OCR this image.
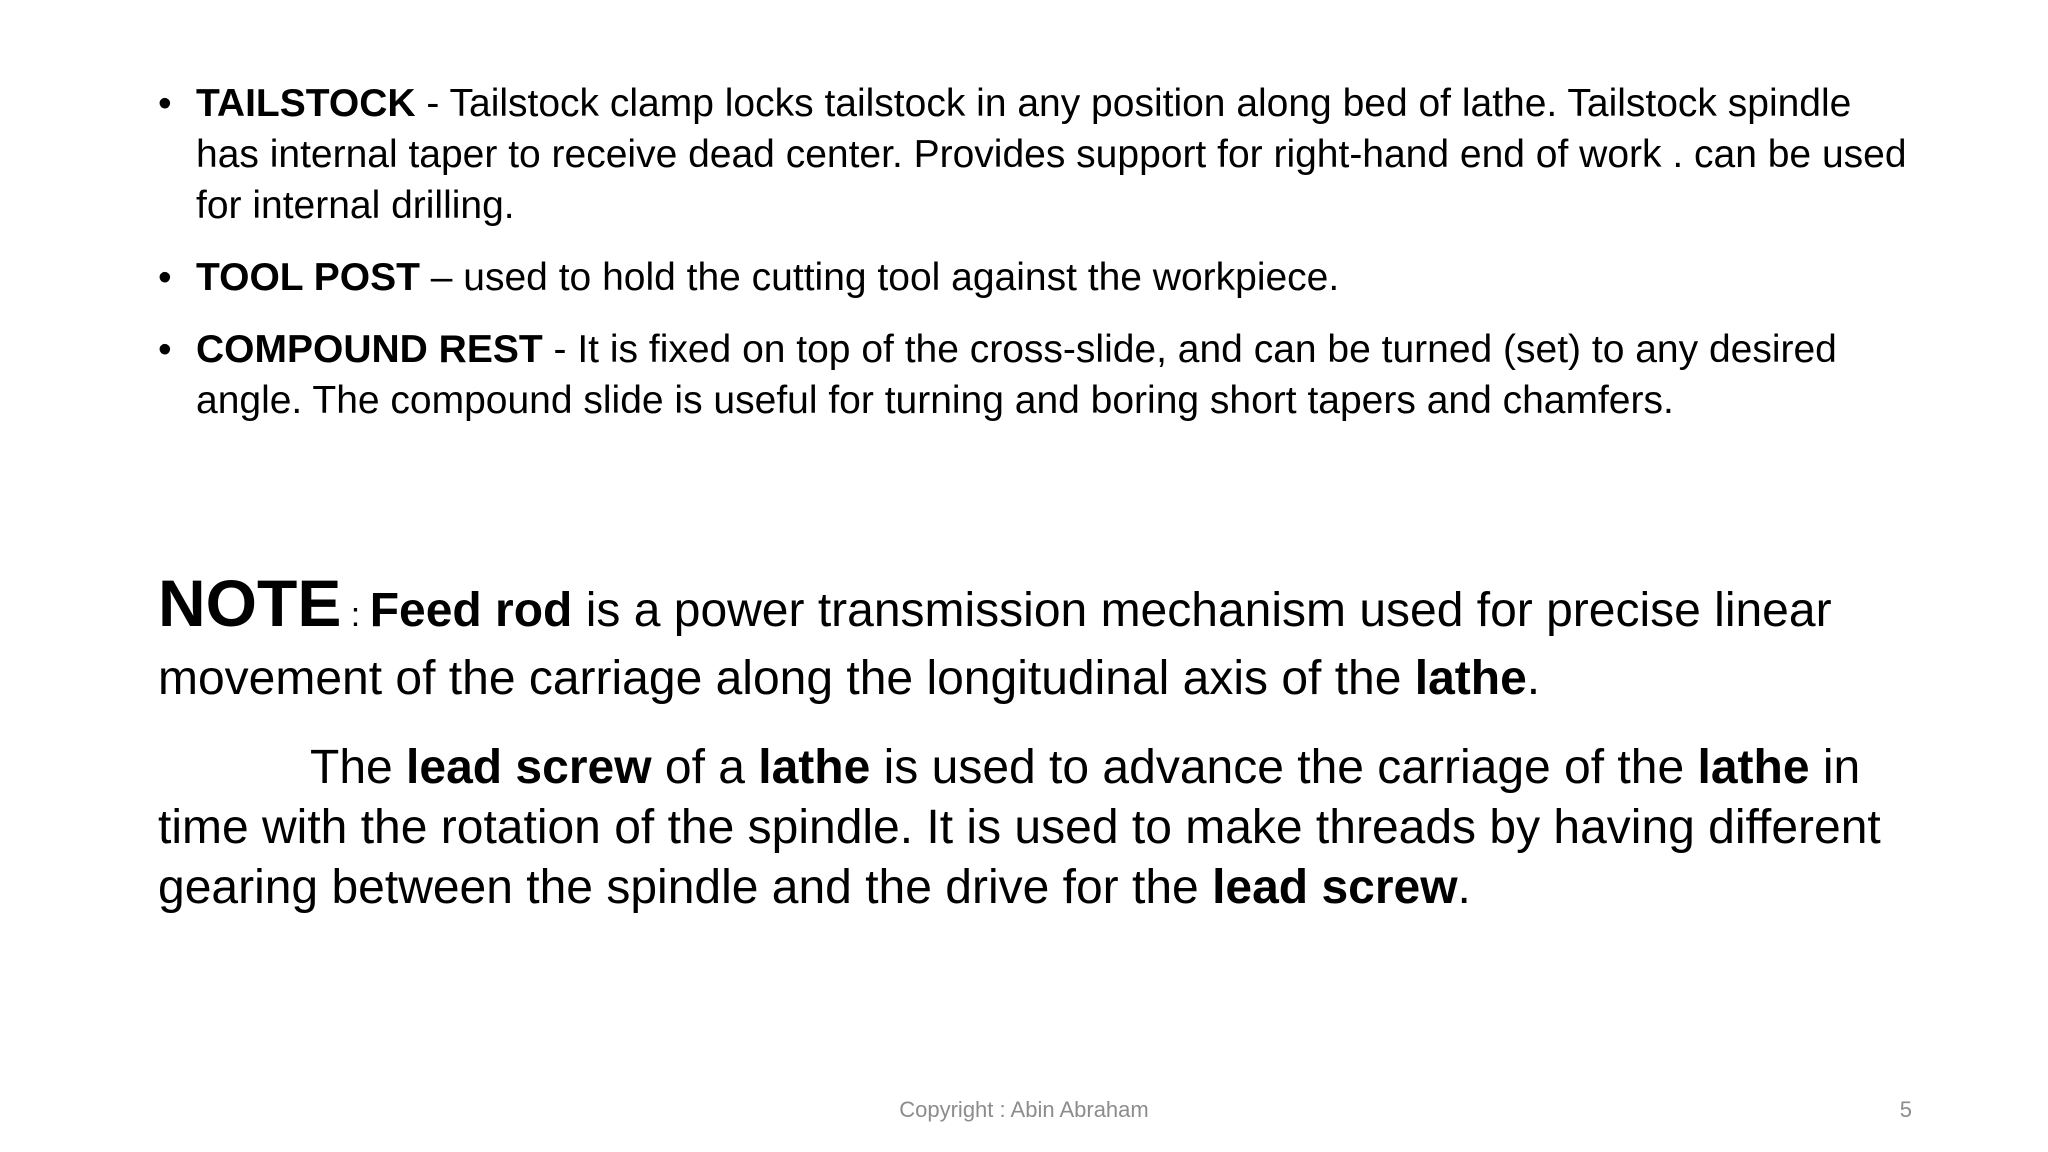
• TAILSTOCK - Tailstock clamp locks tailstock in any position along bed of lathe. Tailstock spindle has internal taper to receive dead center. Provides support for right-hand end of work . can be used for internal drilling.
• TOOL POST – used to hold the cutting tool against the workpiece.
• COMPOUND REST - It is fixed on top of the cross-slide, and can be turned (set) to any desired angle. The compound slide is useful for turning and boring short tapers and chamfers.

NOTE : Feed rod is a power transmission mechanism used for precise linear movement of the carriage along the longitudinal axis of the lathe.

The lead screw of a lathe is used to advance the carriage of the lathe in time with the rotation of the spindle. It is used to make threads by having different gearing between the spindle and the drive for the lead screw.

Copyright : Abin Abraham	5
